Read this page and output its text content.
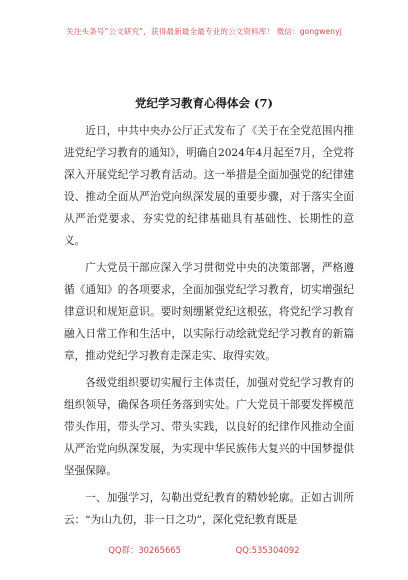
关注头条号“公文研究”，获得最新最全最专业的公文资料库！ 微信：gongwenyj
党纪学习教育心得体会 (7)

近日，中共中央办公厅正式发布了《关于在全党范围内推进党纪学习教育的通知》，明确自2024年4月起至7月，全党将深入开展党纪学习教育活动。这一举措是全面加强党的纪律建设、推动全面从严治党向纵深发展的重要步骤，对于落实全面从严治党要求、夯实党的纪律基础具有基础性、长期性的意义。

广大党员干部应深入学习贯彻党中央的决策部署，严格遵循《通知》的各项要求，全面加强党纪学习教育，切实增强纪律意识和规矩意识。要时刻绷紧党纪这根弦，将党纪学习教育融入日常工作和生活中，以实际行动绘就党纪学习教育的新篇章，推动党纪学习教育走深走实、取得实效。

各级党组织要切实履行主体责任，加强对党纪学习教育的组织领导，确保各项任务落到实处。广大党员干部要发挥模范带头作用，带头学习、带头实践，以良好的纪律作风推动全面从严治党向纵深发展，为实现中华民族伟大复兴的中国梦提供坚强保障。

一、加强学习，勾勒出党纪教育的精妙轮廓。正如古训所云：“为山九仞，非一日之功”，深化党纪教育既是

QQ群：30265665	QQ:535304092
